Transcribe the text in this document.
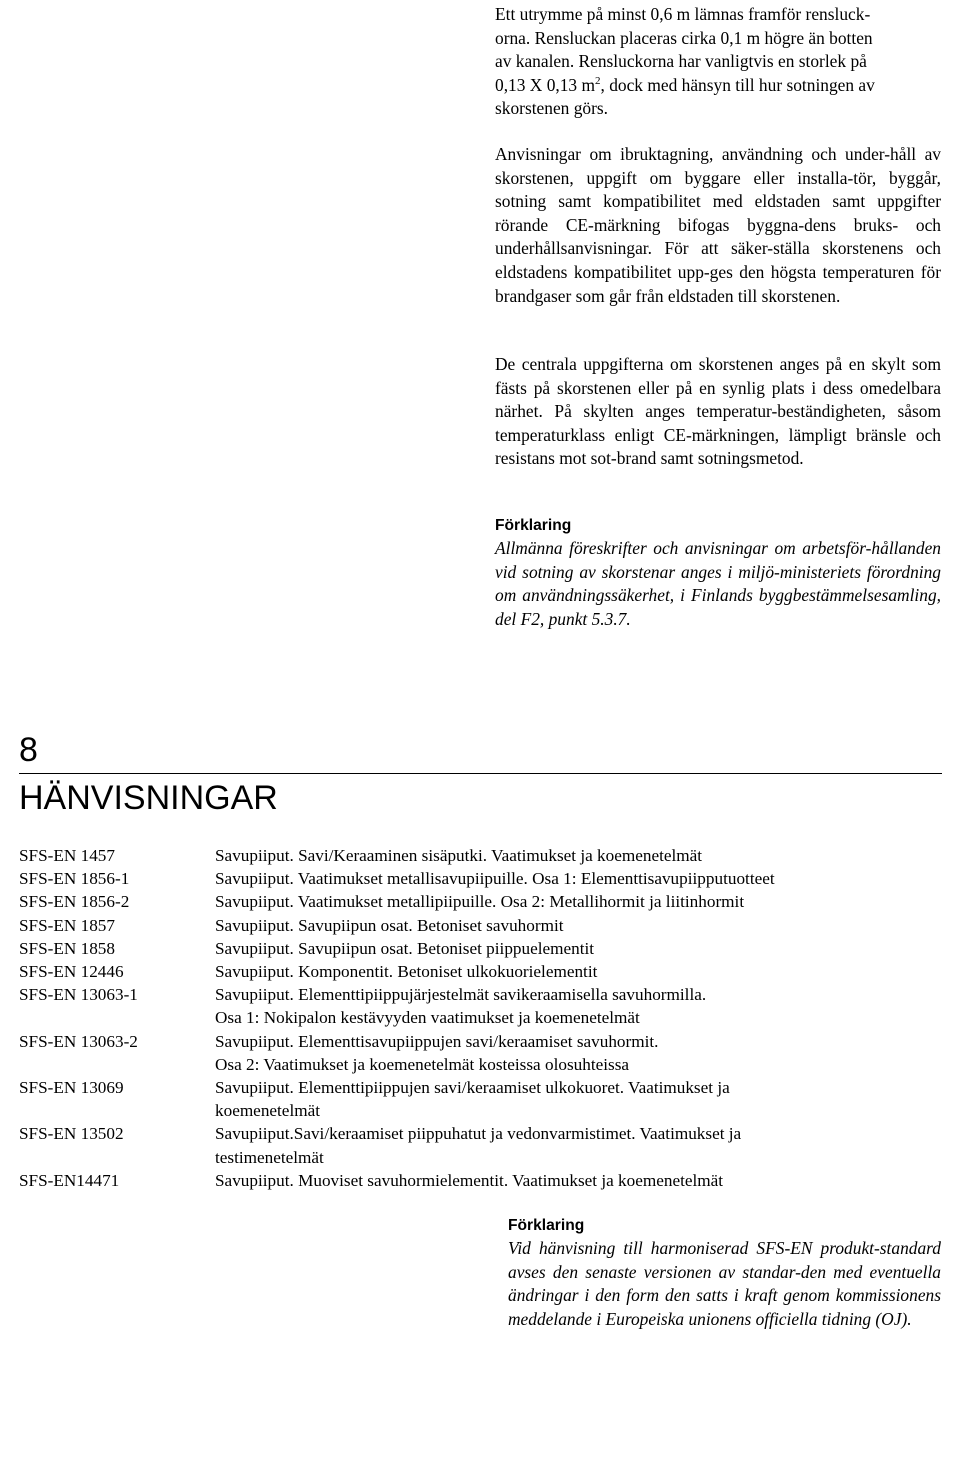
Ett utrymme på minst 0,6 m lämnas framför rensluck-
orna. Rensluckan placeras cirka 0,1 m högre än botten
av kanalen. Rensluckorna har vanligtvis en storlek på
0,13 X 0,13 $m^2$, dock med hänsyn till hur sotningen av
skorstenen görs.

Anvisningar om ibruktagning, användning och under-håll av skorstenen, uppgift om byggare eller installa-tör, byggår, sotning samt kompatibilitet med eldstaden samt uppgifter rörande CE-märkning bifogas byggna-dens bruks- och underhållsanvisningar. För att säker-ställa skorstenens och eldstadens kompatibilitet upp-ges den högsta temperaturen för brandgaser som går från eldstaden till skorstenen.

De centrala uppgifterna om skorstenen anges på en skylt som fästs på skorstenen eller på en synlig plats i dess omedelbara närhet. På skylten anges temperatur-beständigheten, såsom temperaturklass enligt CE-märkningen, lämpligt bränsle och resistans mot sot-brand samt sotningsmetod.

Förklaring

Allmänna föreskrifter och anvisningar om arbetsför-hållanden vid sotning av skorstenar anges i miljö-ministeriets förordning om användningssäkerhet, i Finlands byggbestämmelsesamling, del F2, punkt 5.3.7.

8
HÄNVISNINGAR
SFS-EN 1457	Savupiiput. Savi/Keraaminen sisäputki. Vaatimukset ja koemenetelmät
SFS-EN 1856-1	Savupiiput. Vaatimukset metallisavupiipuille. Osa 1: Elementtisavupiipputuotteet
SFS-EN 1856-2	Savupiiput. Vaatimukset metallipiipuille. Osa 2: Metallihormit ja liitinhormit
SFS-EN 1857	Savupiiput. Savupiipun osat. Betoniset savuhormit
SFS-EN 1858	Savupiiput. Savupiipun osat. Betoniset piippuelementit
SFS-EN 12446	Savupiiput. Komponentit. Betoniset ulkokuorielementit
SFS-EN 13063-1	Savupiiput. Elementtipiippujärjestelmät savikeraamisella savuhormilla.
Osa 1: Nokipalon kestävyyden vaatimukset ja koemenetelmät
SFS-EN 13063-2	Savupiiput. Elementtisavupiippujen savi/keraamiset savuhormit.
Osa 2: Vaatimukset ja koemenetelmät kosteissa olosuhteissa
SFS-EN 13069	Savupiiput. Elementtipiippujen savi/keraamiset ulkokuoret. Vaatimukset ja
koemenetelmät
SFS-EN 13502	Savupiiput.Savi/keraamiset piippuhatut ja vedonvarmistimet. Vaatimukset ja
testimenetelmät
SFS-EN14471	Savupiiput. Muoviset savuhormielementit. Vaatimukset ja koemenetelmät
Förklaring

Vid hänvisning till harmoniserad SFS-EN produkt-standard avses den senaste versionen av standar-den med eventuella ändringar i den form den satts i kraft genom kommissionens meddelande i Europeiska unionens officiella tidning (OJ).
